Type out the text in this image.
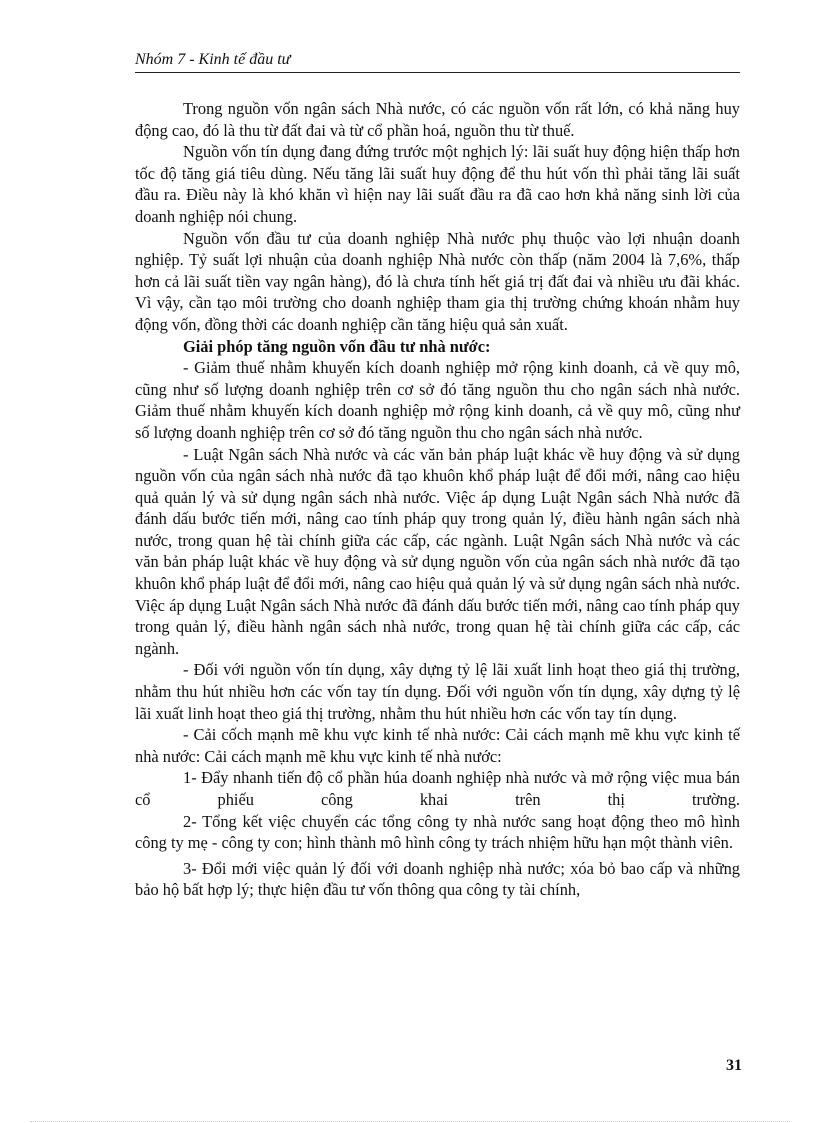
Nhóm 7 - Kinh tế đầu tư

Trong nguồn vốn ngân sách Nhà nước, có các nguồn vốn rất lớn, có khả năng huy động cao, đó là thu từ đất đai và từ cổ phần hoá, nguồn thu từ thuế.

Nguồn vốn tín dụng đang đứng trước một nghịch lý: lãi suất huy động hiện thấp hơn tốc độ tăng giá tiêu dùng. Nếu tăng lãi suất huy động để thu hút vốn thì phải tăng lãi suất đầu ra. Điều này là khó khăn vì hiện nay lãi suất đầu ra đã cao hơn khả năng sinh lời của doanh nghiệp nói chung.

Nguồn vốn đầu tư của doanh nghiệp Nhà nước phụ thuộc vào lợi nhuận doanh nghiệp. Tỷ suất lợi nhuận của doanh nghiệp Nhà nước còn thấp (năm 2004 là 7,6%, thấp hơn cả lãi suất tiền vay ngân hàng), đó là chưa tính hết giá trị đất đai và nhiều ưu đãi khác. Vì vậy, cần tạo môi trường cho doanh nghiệp tham gia thị trường chứng khoán nhằm huy động vốn, đồng thời các doanh nghiệp cần tăng hiệu quả sản xuất.

Giải phóp tăng nguồn vốn đầu tư nhà nước:

- Giảm thuế nhằm khuyến kích doanh nghiệp mở rộng kinh doanh, cả về quy mô, cũng như số lượng doanh nghiệp trên cơ sở đó tăng nguồn thu cho ngân sách nhà nước. Giảm thuế nhằm khuyến kích doanh nghiệp mở rộng kinh doanh, cả về quy mô, cũng như số lượng doanh nghiệp trên cơ sở đó tăng nguồn thu cho ngân sách nhà nước.

- Luật Ngân sách Nhà nước và các văn bản pháp luật khác về huy động và sử dụng nguồn vốn của ngân sách nhà nước đã tạo khuôn khổ pháp luật để đổi mới, nâng cao hiệu quả quản lý và sử dụng ngân sách nhà nước. Việc áp dụng Luật Ngân sách Nhà nước đã đánh dấu bước tiến mới, nâng cao tính pháp quy trong quản lý, điều hành ngân sách nhà nước, trong quan hệ tài chính giữa các cấp, các ngành. Luật Ngân sách Nhà nước và các văn bản pháp luật khác về huy động và sử dụng nguồn vốn của ngân sách nhà nước đã tạo khuôn khổ pháp luật để đổi mới, nâng cao hiệu quả quản lý và sử dụng ngân sách nhà nước. Việc áp dụng Luật Ngân sách Nhà nước đã đánh dấu bước tiến mới, nâng cao tính pháp quy trong quản lý, điều hành ngân sách nhà nước, trong quan hệ tài chính giữa các cấp, các ngành.

- Đối với nguồn vốn tín dụng, xây dựng tỷ lệ lãi xuất linh hoạt theo giá thị trường, nhằm thu hút nhiều hơn các vốn tay tín dụng. Đối với nguồn vốn tín dụng, xây dựng tỷ lệ lãi xuất linh hoạt theo giá thị trường, nhằm thu hút nhiều hơn các vốn tay tín dụng.

- Cải cốch mạnh mẽ khu vực kinh tế nhà nước: Cải cách mạnh mẽ khu vực kinh tế nhà nước: Cải cách mạnh mẽ khu vực kinh tế nhà nước:

1- Đẩy nhanh tiến độ cổ phần húa doanh nghiệp nhà nước và mở rộng việc mua bán cổ phiếu công khai trên thị trường.

2- Tổng kết việc chuyển các tổng công ty nhà nước sang hoạt động theo mô hình công ty mẹ - công ty con; hình thành mô hình công ty trách nhiệm hữu hạn một thành viên.

3- Đổi mới việc quản lý đối với doanh nghiệp nhà nước; xóa bỏ bao cấp và những bảo hộ bất hợp lý; thực hiện đầu tư vốn thông qua công ty tài chính,

31
